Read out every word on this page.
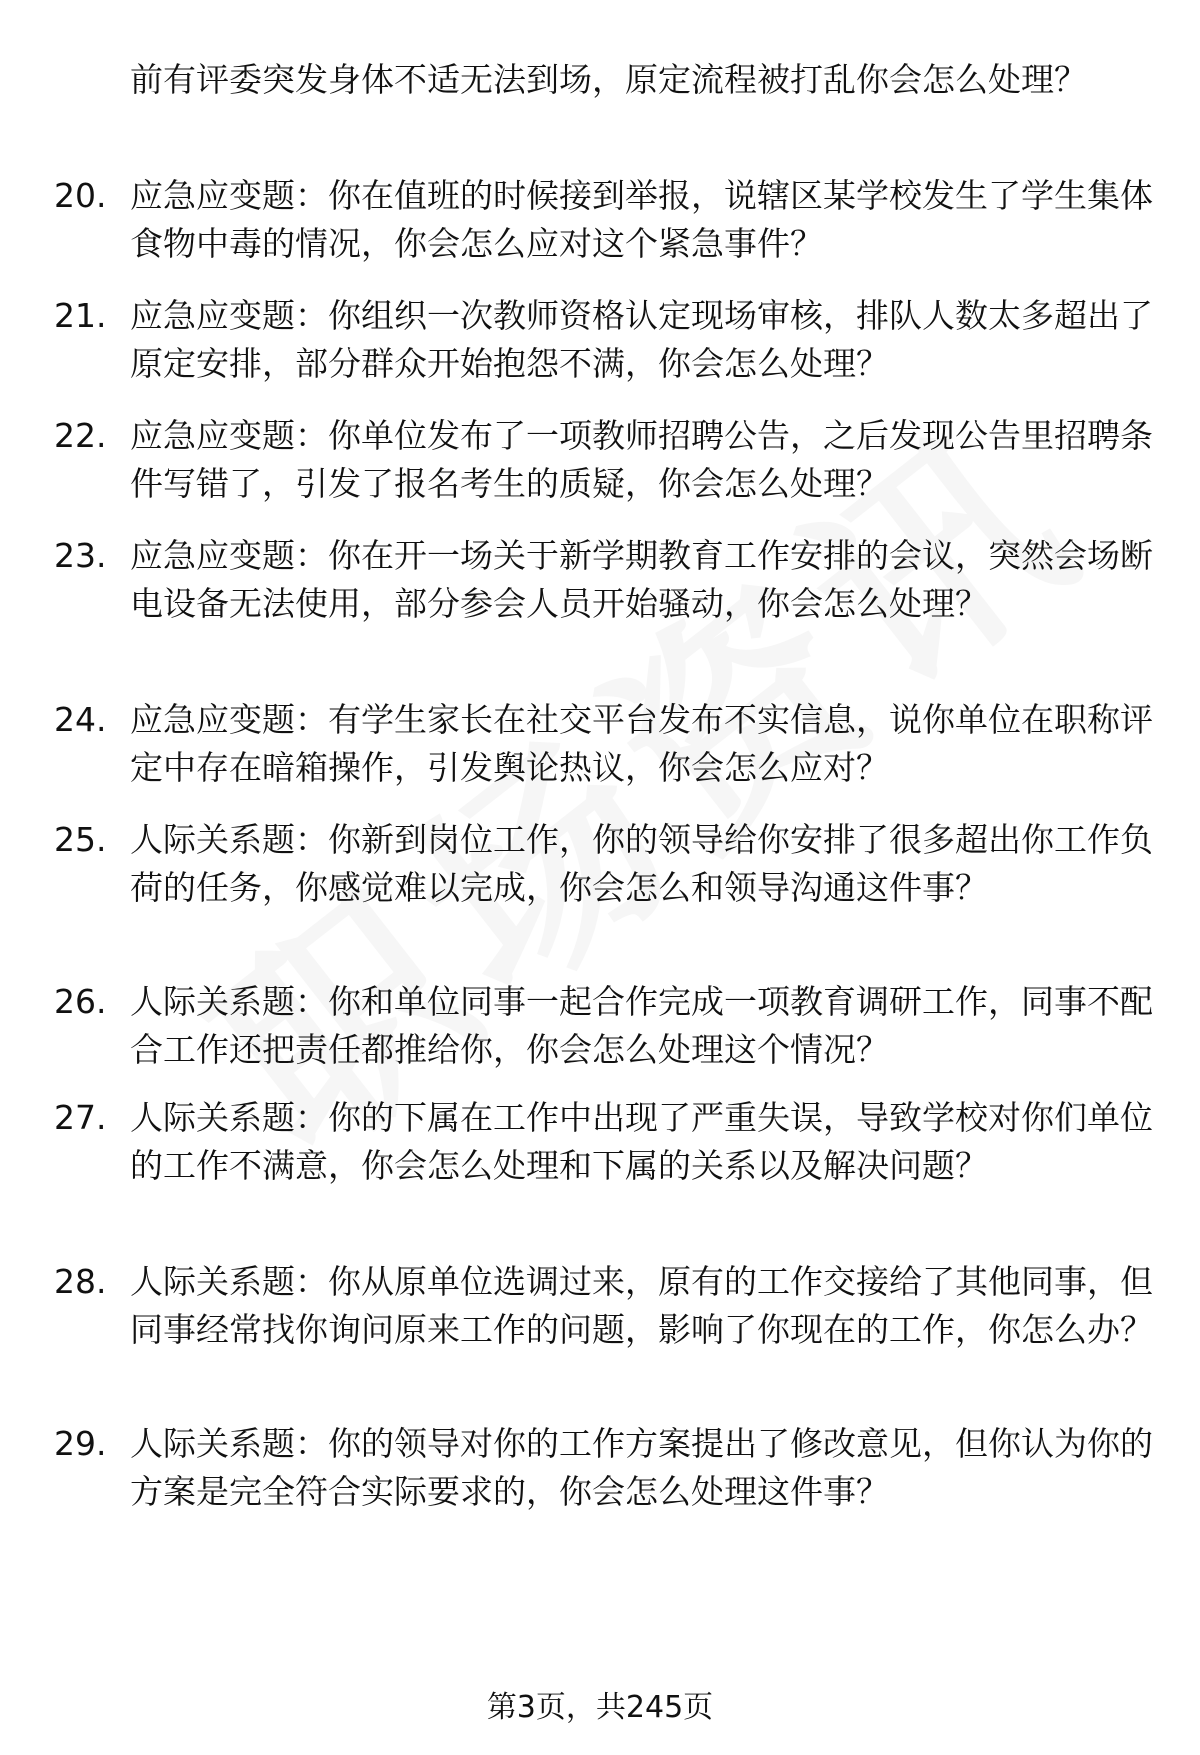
前有评委突发身体不适无法到场，原定流程被打乱你会怎么处理？
20. 应急应变题：你在值班的时候接到举报，说辖区某学校发生了学生集体食物中毒的情况，你会怎么应对这个紧急事件？
21. 应急应变题：你组织一次教师资格认定现场审核，排队人数太多超出了原定安排，部分群众开始抱怨不满，你会怎么处理？
22. 应急应变题：你单位发布了一项教师招聘公告，之后发现公告里招聘条件写错了，引发了报名考生的质疑，你会怎么处理？
23. 应急应变题：你在开一场关于新学期教育工作安排的会议，突然会场断电设备无法使用，部分参会人员开始骚动，你会怎么处理？
24. 应急应变题：有学生家长在社交平台发布不实信息，说你单位在职称评定中存在暗箱操作，引发舆论热议，你会怎么应对？
25. 人际关系题：你新到岗位工作，你的领导给你安排了很多超出你工作负荷的任务，你感觉难以完成，你会怎么和领导沟通这件事？
26. 人际关系题：你和单位同事一起合作完成一项教育调研工作，同事不配合工作还把责任都推给你，你会怎么处理这个情况？
27. 人际关系题：你的下属在工作中出现了严重失误，导致学校对你们单位的工作不满意，你会怎么处理和下属的关系以及解决问题？
28. 人际关系题：你从原单位选调过来，原有的工作交接给了其他同事，但同事经常找你询问原来工作的问题，影响了你现在的工作，你怎么办？
29. 人际关系题：你的领导对你的工作方案提出了修改意见，但你认为你的方案是完全符合实际要求的，你会怎么处理这件事？
第3页，共245页
